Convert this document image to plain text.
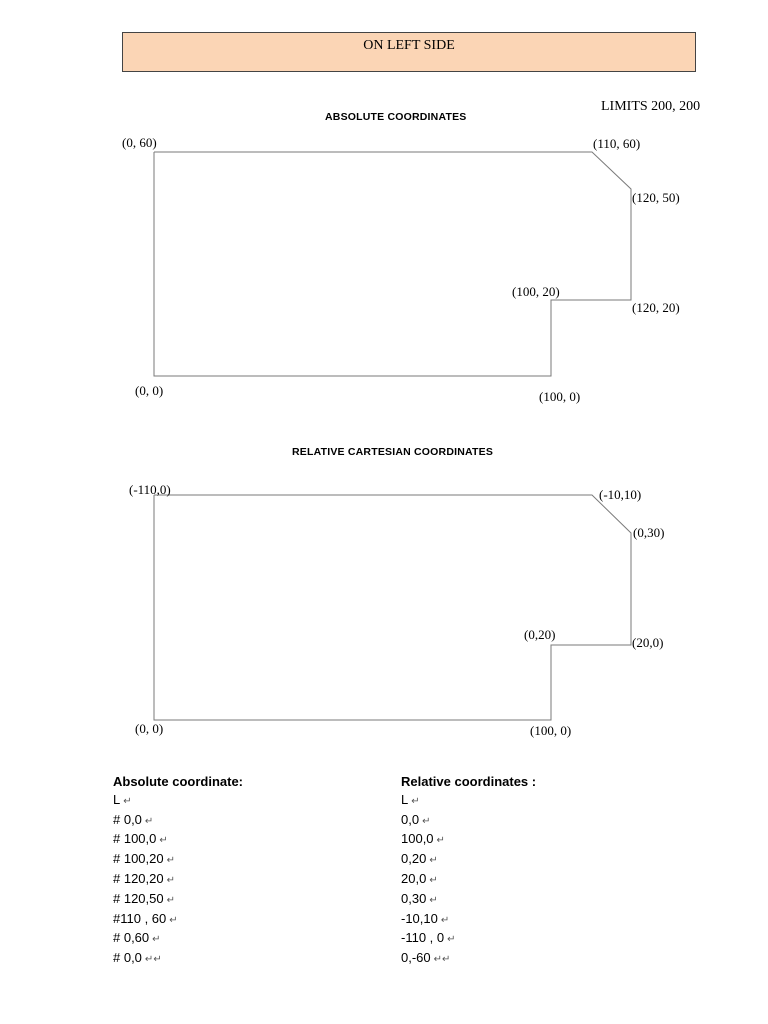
ON LEFT SIDE
LIMITS 200, 200
ABSOLUTE COORDINATES
(0, 60)	(110, 60)
(120, 50)
(100, 20)
(120, 20)
(0, 0)	(100, 0)
RELATIVE CARTESIAN COORDINATES
(-110,0)	(-10,10)
(0,30)
(0,20)
(20,0)
(0, 0)	(100, 0)
Absolute coordinate:
L ↵
# 0,0 ↵
# 100,0 ↵
# 100,20 ↵
# 120,20 ↵
# 120,50 ↵
#110 , 60 ↵
# 0,60 ↵
# 0,0 ↵↵
Relative coordinates :
L ↵
0,0 ↵
100,0 ↵
0,20 ↵
20,0 ↵
0,30 ↵
-10,10 ↵
-110 , 0 ↵
0,-60 ↵↵
